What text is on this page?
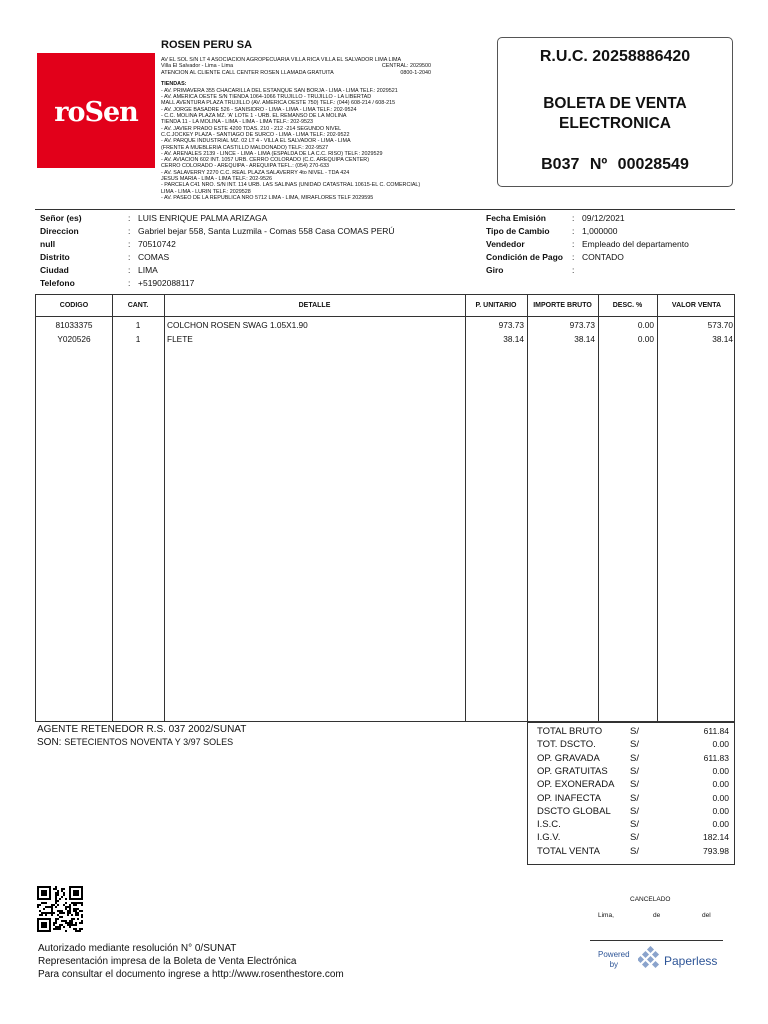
roSen
ROSEN PERU SA
AV EL SOL S/N LT 4 ASOCIACION AGROPECUARIA VILLA RICA VILLA EL SALVADOR LIMA LIMA
Villa El Salvador - Lima - Lima	CENTRAL: 2029500
ATENCION AL CLIENTE CALL CENTER ROSEN LLAMADA GRATUITA	0800-1-2040
TIENDAS:
- AV. PRIMAVERA 355 CHACARILLA DEL ESTANQUE SAN BORJA - LIMA - LIMA TELF.: 2029521
- AV. AMERICA OESTE S/N TIENDA 1064-1066 TRUJILLO - TRUJILLO - LA LIBERTAD
MALL AVENTURA PLAZA TRUJILLO (AV. AMERICA OESTE 750) TELF.: (044) 608-214 / 608-215
- AV. JORGE BASADRE 526 - SANISIDRO - LIMA - LIMA - LIMA TELF.: 202-9524
- C.C. MOLINA PLAZA MZ. 'A' LOTE 1 - URB. EL REMANSO DE LA MOLINA
TIENDA 11 - LA MOLINA - LIMA - LIMA - LIMA TELF.: 202-9523
- AV. JAVIER PRADO ESTE 4200 TDAS. 210 - 212 -214 SEGUNDO NIVEL
C.C.JOCKEY PLAZA - SANTIAGO DE SURCO - LIMA - LIMA TELF.: 202-9522
- AV. PARQUE INDUSTRIAL MZ. 02 LT 4 - VILLA EL SALVADOR - LIMA - LIMA
(FRENTE A MUEBLERIA CASTILLO MALDONADO) TELF.: 202-9527
- AV. ARENALES 2139 - LINCE - LIMA - LIMA (ESPALDA DE LA C.C. RISO) TELF.: 2029529
- AV. AVIACION 602 INT. 1057 URB. CERRO COLORADO (C.C. AREQUIPA CENTER)
CERRO COLORADO - AREQUIPA - AREQUIPA TEFL.: (054) 270-633
- AV. SALAVERRY 2270 C.C. REAL PLAZA SALAVERRY 4to NIVEL - TDA 424
JESUS MARIA - LIMA - LIMA TELF.: 202-9526
- PARCELA C41 NRO. S/N INT. 114 URB. LAS SALINAS (UNIDAD CATASTRAL 10615-EL C. COMERCIAL)
LIMA - LIMA - LURIN TELF.: 2029528
- AV. PASEO DE LA REPUBLICA NRO 5712 LIMA - LIMA, MIRAFLORES TELF 2029595
R.U.C. 20258886420
BOLETA DE VENTA
ELECTRONICA
B037 Nº 00028549
Señor (es)	: LUIS ENRIQUE PALMA ARIZAGA
Direccion	: Gabriel bejar 558, Santa Luzmila - Comas 558 Casa COMAS PERÚ
null	: 70510742
Distrito	: COMAS
Ciudad	: LIMA
Telefono	: +51902088117
Fecha Emisión	: 09/12/2021
Tipo de Cambio	: 1,000000
Vendedor	: Empleado del departamento
Condición de Pago	: CONTADO
Giro	:
CODIGO	CANT.	DETALLE	P. UNITARIO	IMPORTE BRUTO	DESC. %	VALOR VENTA
81033375	1	COLCHON ROSEN SWAG 1.05X1.90	973.73	973.73	0.00	573.70
Y020526	1	FLETE	38.14	38.14	0.00	38.14
AGENTE RETENEDOR R.S. 037 2002/SUNAT
SON: SETECIENTOS NOVENTA Y 3/97 SOLES
TOTAL BRUTO	S/	611.84
TOT. DSCTO.	S/	0.00
OP. GRAVADA	S/	611.83
OP. GRATUITAS S/	0.00
OP. EXONERADA S/	0.00
OP. INAFECTA	S/	0.00
DSCTO GLOBAL S/	0.00
I.S.C.	S/	0.00
I.G.V.	S/	182.14
TOTAL VENTA	S/	793.98
Autorizado mediante resolución N° 0/SUNAT
Representación impresa de la Boleta de Venta Electrónica
Para consultar el documento ingrese a http://www.rosenthestore.com
CANCELADO
Lima,	de	del
Powered
by	Paperless
